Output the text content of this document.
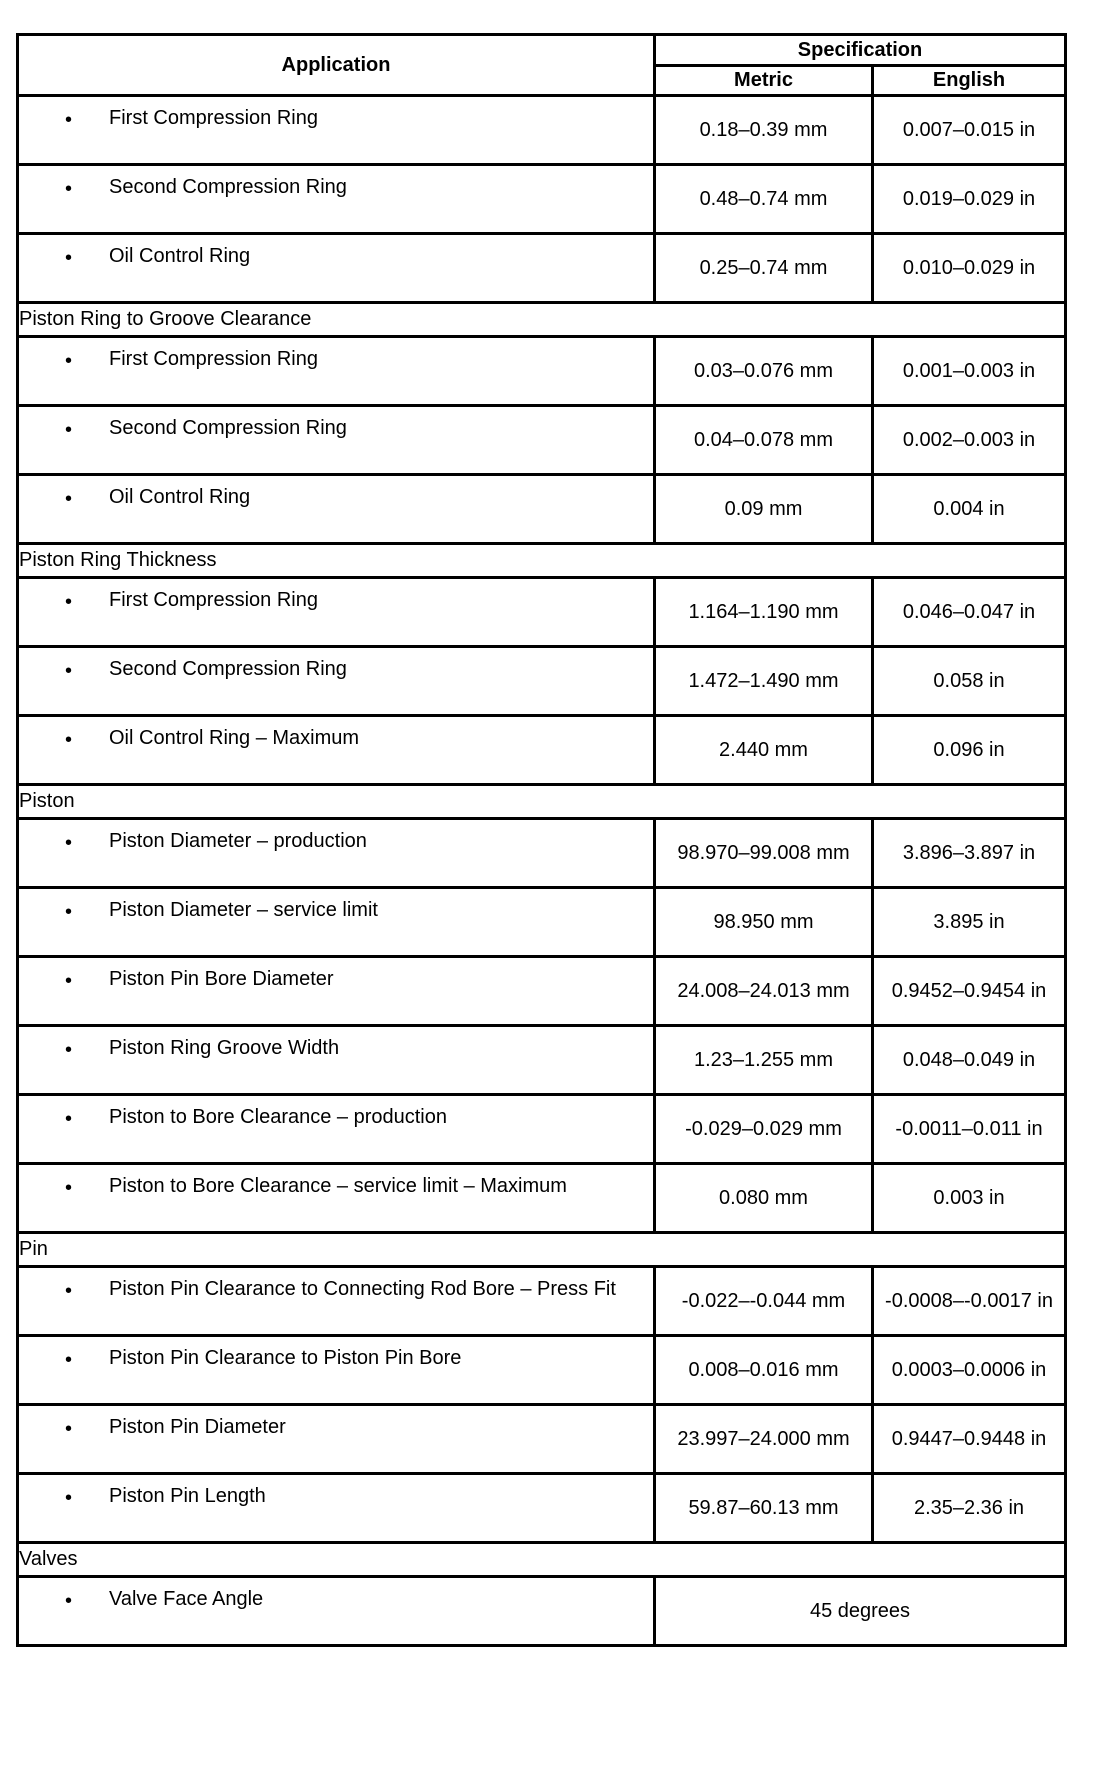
Application	Specification	
	Metric	English

• First Compression Ring	0.18–0.39 mm	0.007–0.015 in

• Second Compression Ring	0.48–0.74 mm	0.019–0.029 in

• Oil Control Ring	0.25–0.74 mm	0.010–0.029 in
Piston Ring to Groove Clearance		

• First Compression Ring	0.03–0.076 mm	0.001–0.003 in

• Second Compression Ring	0.04–0.078 mm	0.002–0.003 in

• Oil Control Ring	0.09 mm	0.004 in
Piston Ring Thickness		

• First Compression Ring	1.164–1.190 mm	0.046–0.047 in

• Second Compression Ring	1.472–1.490 mm	0.058 in

• Oil Control Ring – Maximum	2.440 mm	0.096 in
Piston		

• Piston Diameter – production	98.970–99.008 mm	3.896–3.897 in

• Piston Diameter – service limit	98.950 mm	3.895 in

• Piston Pin Bore Diameter	24.008–24.013 mm	0.9452–0.9454 in

• Piston Ring Groove Width	1.23–1.255 mm	0.048–0.049 in

• Piston to Bore Clearance – production	-0.029–0.029 mm	-0.0011–0.011 in

• Piston to Bore Clearance – service limit – Maximum	0.080 mm	0.003 in
Pin		

• Piston Pin Clearance to Connecting Rod Bore – Press Fit	-0.022–-0.044 mm	-0.0008–-0.0017 in

• Piston Pin Clearance to Piston Pin Bore	0.008–0.016 mm	0.0003–0.0006 in

• Piston Pin Diameter	23.997–24.000 mm	0.9447–0.9448 in

• Piston Pin Length	59.87–60.13 mm	2.35–2.36 in
Valves		

• Valve Face Angle	45 degrees	
